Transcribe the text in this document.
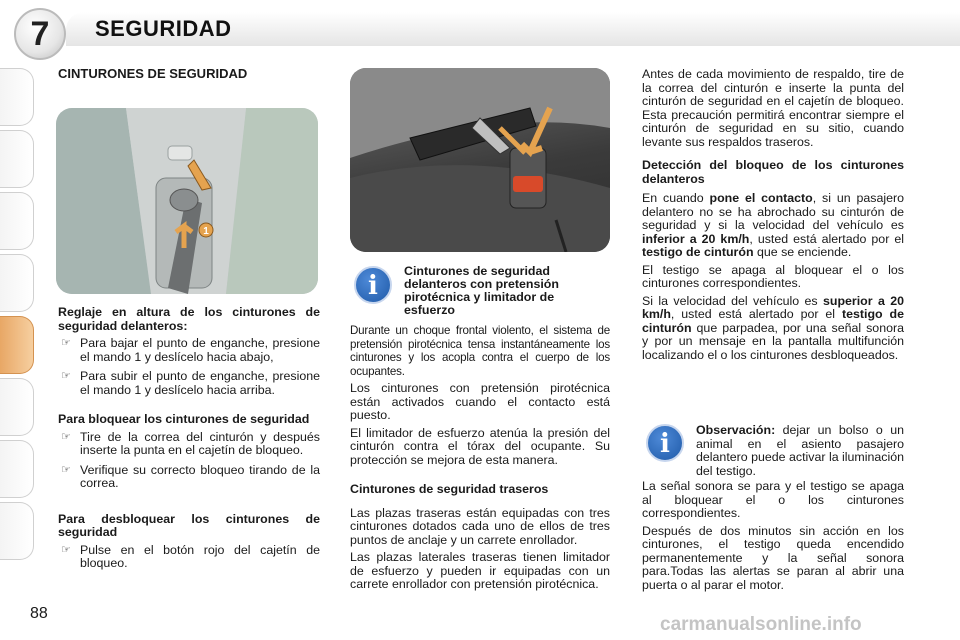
7	SEGURIDAD
CINTURONES DE SEGURIDAD
1

Reglaje en altura de los cinturones de seguridad delanteros:

☞ Para bajar el punto de enganche, presione el mando 1 y deslícelo hacia abajo,
☞ Para subir el punto de enganche, presione el mando 1 y deslícelo hacia arriba.

Para bloquear los cinturones de seguridad

☞ Tire de la correa del cinturón y después inserte la punta en el cajetín de bloqueo.
☞ Verifique su correcto bloqueo tirando de la correa.

Para desbloquear los cinturones de seguridad

☞ Pulse en el botón rojo del cajetín de bloqueo.
i	Cinturones de seguridad delanteros con pretensión pirotécnica y limitador de esfuerzo

Durante un choque frontal violento, el sistema de pretensión pirotécnica tensa instantáneamente los cinturones y los acopla contra el cuerpo de los ocupantes.

Los cinturones con pretensión pirotécnica están activados cuando el contacto está puesto.

El limitador de esfuerzo atenúa la presión del cinturón contra el tórax del ocupante. Su protección se mejora de esta manera.

Cinturones de seguridad traseros

Las plazas traseras están equipadas con tres cinturones dotados cada uno de ellos de tres puntos de anclaje y un carrete enrollador.

Las plazas laterales traseras tienen limitador de esfuerzo y pueden ir equipadas con un carrete enrollador con pretensión pirotécnica.

Antes de cada movimiento de respaldo, tire de la correa del cinturón e inserte la punta del cinturón de seguridad en el cajetín de bloqueo. Esta precaución permitirá encontrar siempre el cinturón de seguridad en su sitio, cuando levante sus respaldos traseros.

Detección del bloqueo de los cinturones delanteros

En cuando pone el contacto, si un pasajero delantero no se ha abrochado su cinturón de seguridad y si la velocidad del vehículo es inferior a 20 km/h, usted está alertado por el testigo de cinturón que se enciende.

El testigo se apaga al bloquear el o los cinturones correspondientes.

Si la velocidad del vehículo es superior a 20 km/h, usted está alertado por el testigo de cinturón que parpadea, por una señal sonora y por un mensaje en la pantalla multifunción localizando el o los cinturones desbloqueados.

i	Observación: dejar un bolso o un animal en el asiento pasajero delantero puede activar la iluminación del testigo.

La señal sonora se para y el testigo se apaga al bloquear el o los cinturones correspondientes.

Después de dos minutos sin acción en los cinturones, el testigo queda encendido permanentemente y la señal sonora para.Todas las alertas se paran al abrir una puerta o al parar el motor.

88
carmanualsonline.info
